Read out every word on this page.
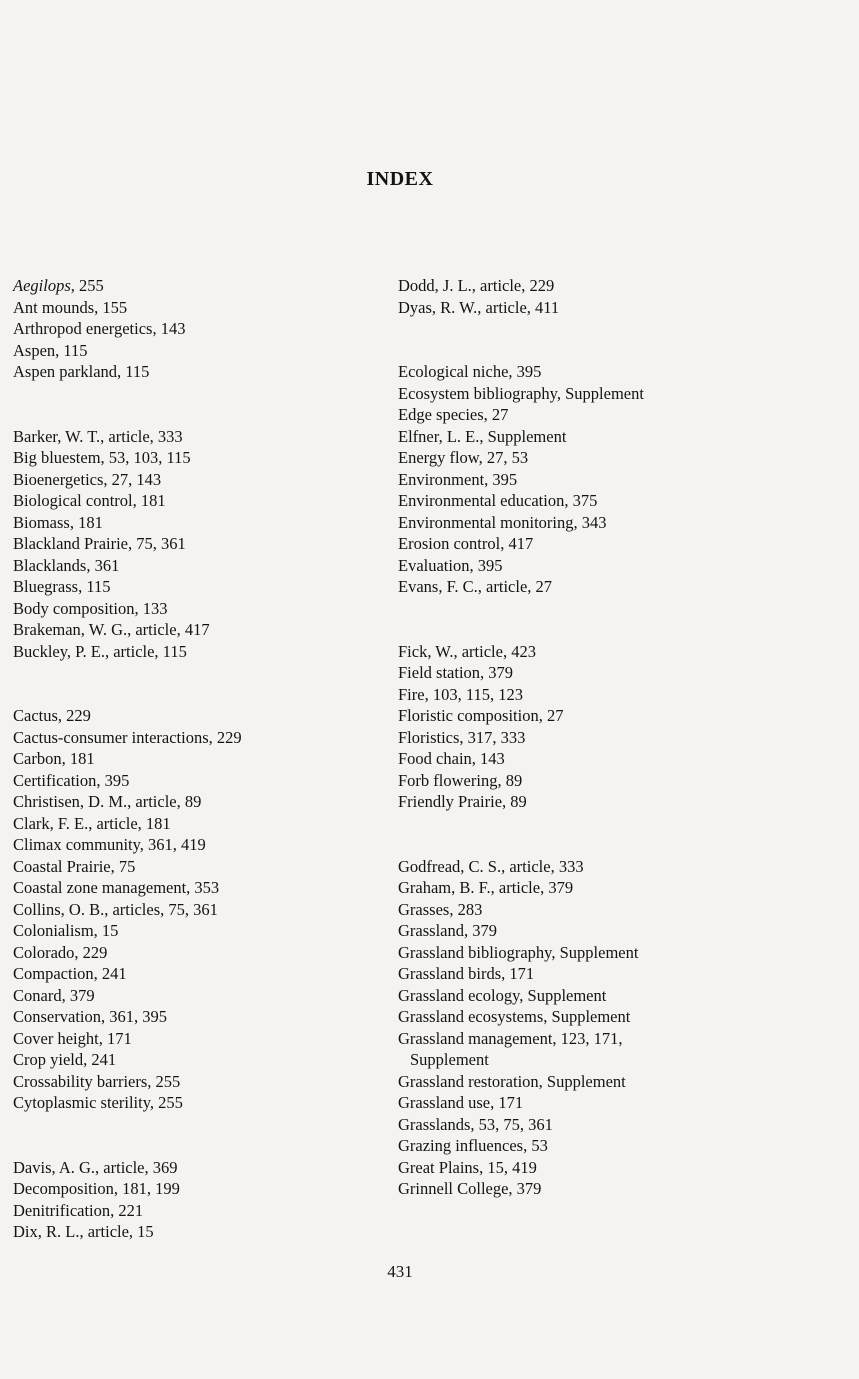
INDEX
Aegilops, 255
Ant mounds, 155
Arthropod energetics, 143
Aspen, 115
Aspen parkland, 115
Barker, W. T., article, 333
Big bluestem, 53, 103, 115
Bioenergetics, 27, 143
Biological control, 181
Biomass, 181
Blackland Prairie, 75, 361
Blacklands, 361
Bluegrass, 115
Body composition, 133
Brakeman, W. G., article, 417
Buckley, P. E., article, 115
Cactus, 229
Cactus-consumer interactions, 229
Carbon, 181
Certification, 395
Christisen, D. M., article, 89
Clark, F. E., article, 181
Climax community, 361, 419
Coastal Prairie, 75
Coastal zone management, 353
Collins, O. B., articles, 75, 361
Colonialism, 15
Colorado, 229
Compaction, 241
Conard, 379
Conservation, 361, 395
Cover height, 171
Crop yield, 241
Crossability barriers, 255
Cytoplasmic sterility, 255
Davis, A. G., article, 369
Decomposition, 181, 199
Denitrification, 221
Dix, R. L., article, 15
Dodd, J. L., article, 229
Dyas, R. W., article, 411
Ecological niche, 395
Ecosystem bibliography, Supplement
Edge species, 27
Elfner, L. E., Supplement
Energy flow, 27, 53
Environment, 395
Environmental education, 375
Environmental monitoring, 343
Erosion control, 417
Evaluation, 395
Evans, F. C., article, 27
Fick, W., article, 423
Field station, 379
Fire, 103, 115, 123
Floristic composition, 27
Floristics, 317, 333
Food chain, 143
Forb flowering, 89
Friendly Prairie, 89
Godfread, C. S., article, 333
Graham, B. F., article, 379
Grasses, 283
Grassland, 379
Grassland bibliography, Supplement
Grassland birds, 171
Grassland ecology, Supplement
Grassland ecosystems, Supplement
Grassland management, 123, 171,
Supplement
Grassland restoration, Supplement
Grassland use, 171
Grasslands, 53, 75, 361
Grazing influences, 53
Great Plains, 15, 419
Grinnell College, 379
431
